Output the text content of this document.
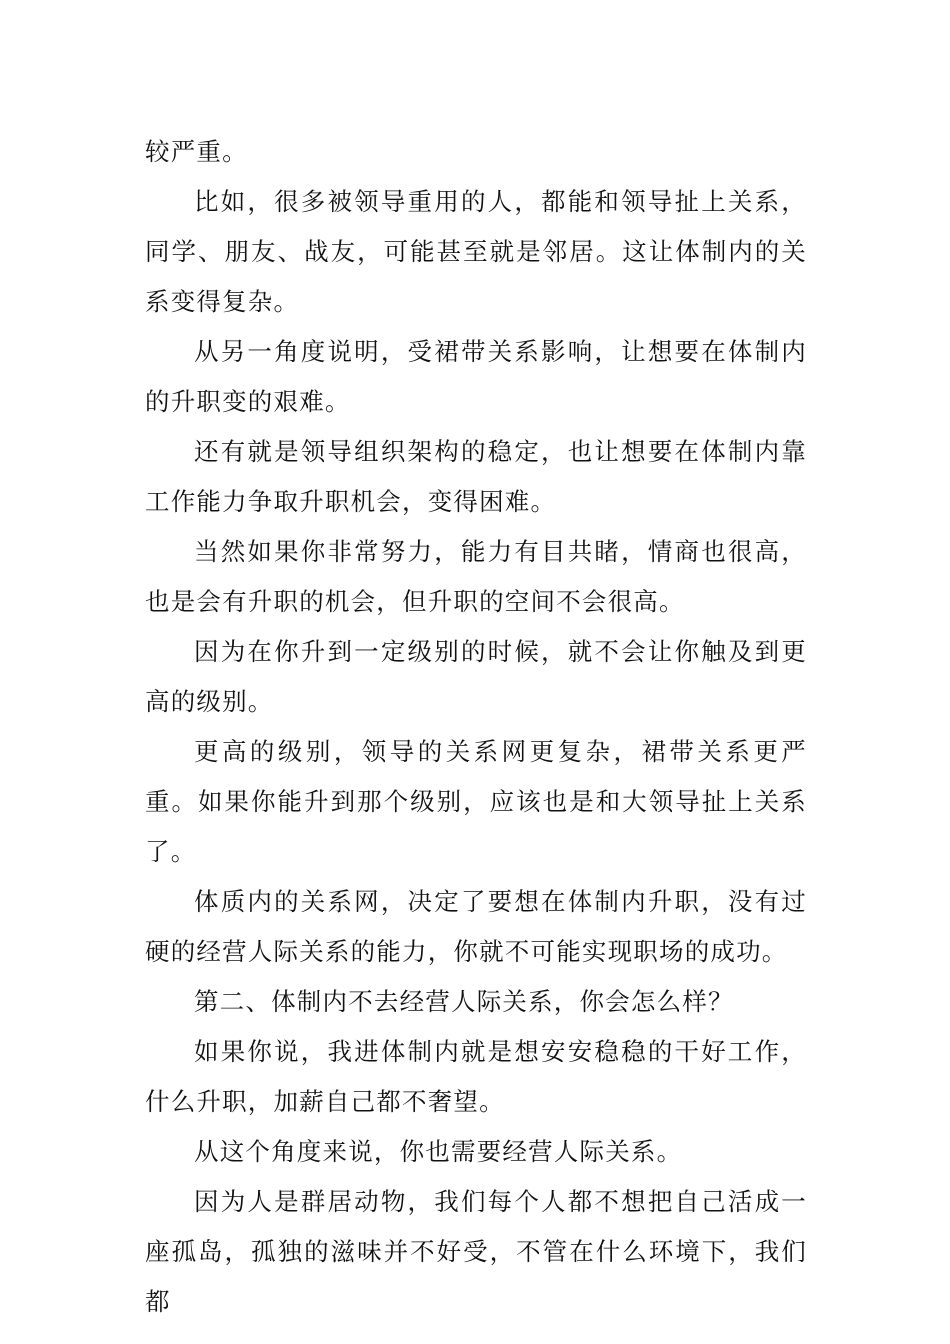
较严重。

比如，很多被领导重用的人，都能和领导扯上关系，同学、朋友、战友，可能甚至就是邻居。这让体制内的关系变得复杂。

从另一角度说明，受裙带关系影响，让想要在体制内的升职变的艰难。

还有就是领导组织架构的稳定，也让想要在体制内靠工作能力争取升职机会，变得困难。

当然如果你非常努力，能力有目共睹，情商也很高，也是会有升职的机会，但升职的空间不会很高。

因为在你升到一定级别的时候，就不会让你触及到更高的级别。

更高的级别，领导的关系网更复杂，裙带关系更严重。如果你能升到那个级别，应该也是和大领导扯上关系了。

体质内的关系网，决定了要想在体制内升职，没有过硬的经营人际关系的能力，你就不可能实现职场的成功。

第二、体制内不去经营人际关系，你会怎么样？

如果你说，我进体制内就是想安安稳稳的干好工作，什么升职，加薪自己都不奢望。

从这个角度来说，你也需要经营人际关系。

因为人是群居动物，我们每个人都不想把自己活成一座孤岛，孤独的滋味并不好受，不管在什么环境下，我们都
